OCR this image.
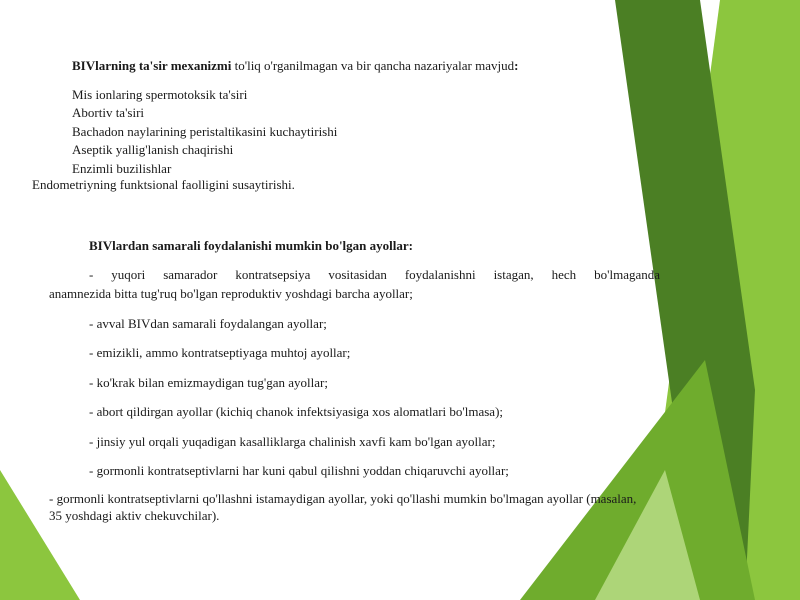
BIVlarning ta'sir mexanizmi to'liq o'rganilmagan va bir qancha nazariyalar mavjud:

Mis ionlaring spermotoksik ta'siri

Abortiv ta'siri

Bachadon naylarining peristaltikasini kuchaytirishi

Aseptik yallig'lanish chaqirishi

Enzimli buzilishlar

Endometriyning funktsional faolligini susaytirishi.

BIVlardan samarali foydalanishi mumkin bo'lgan ayollar:

- yuqori samarador kontratsepsiya vositasidan foydalanishni istagan, hech bo'lmaganda

anamnezida bitta tug'ruq bo'lgan reproduktiv yoshdagi barcha ayollar;

- avval BIVdan samarali foydalangan ayollar;

- emizikli, ammo kontratseptiyaga muhtoj ayollar;

- ko'krak bilan emizmaydigan tug'gan ayollar;

- abort qildirgan ayollar (kichiq chanok infektsiyasiga xos alomatlari bo'lmasa);

- jinsiy yul orqali yuqadigan kasalliklarga chalinish xavfi kam bo'lgan ayollar;

- gormonli kontratseptivlarni har kuni qabul qilishni yoddan chiqaruvchi ayollar;

- gormonli kontratseptivlarni qo'llashni istamaydigan ayollar, yoki qo'llashi mumkin bo'lmagan ayollar (masalan,

35 yoshdagi aktiv chekuvchilar).
